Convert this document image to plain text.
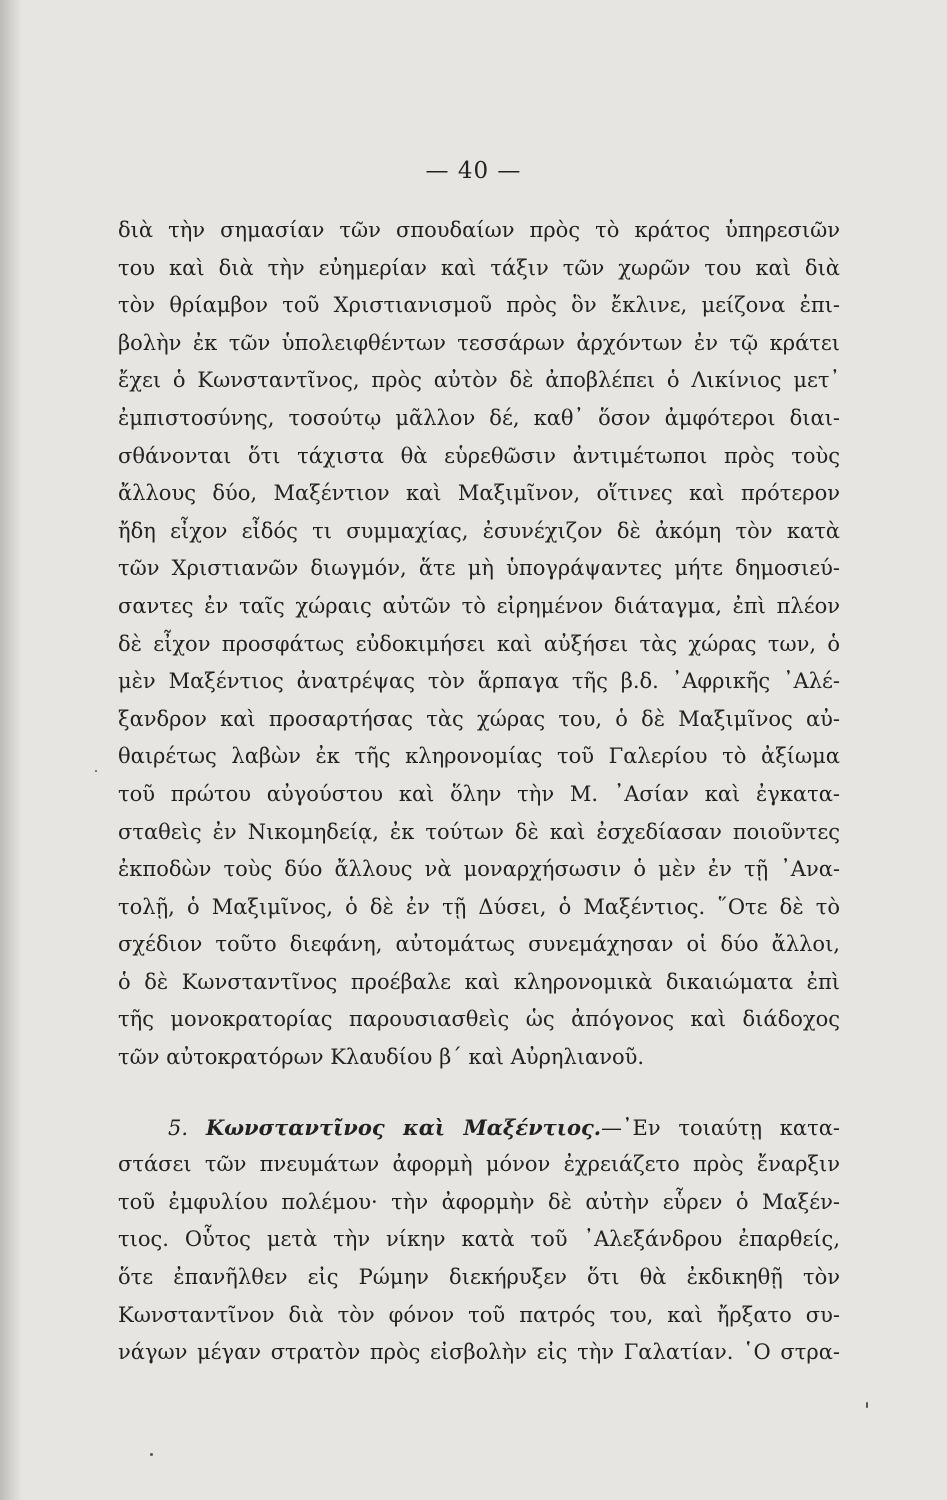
— 40 —
διὰ τὴν σημασίαν τῶν σπουδαίων πρὸς τὸ κράτος ὑπηρεσιῶν
του καὶ διὰ τὴν εὐημερίαν καὶ τάξιν τῶν χωρῶν του καὶ διὰ
τὸν θρίαμβον τοῦ Χριστιανισμοῦ πρὸς ὃν ἔκλινε, μείζονα ἐπι-
βολὴν ἐκ τῶν ὑπολειφθέντων τεσσάρων ἀρχόντων ἐν τῷ κράτει
ἔχει ὁ Κωνσταντῖνος, πρὸς αὐτὸν δὲ ἀποβλέπει ὁ Λικίνιος μετ᾿
ἐμπιστοσύνης, τοσούτῳ μᾶλλον δέ, καθ᾿ ὅσον ἀμφότεροι διαι-
σθάνονται ὅτι τάχιστα θὰ εὑρεθῶσιν ἀντιμέτωποι πρὸς τοὺς
ἄλλους δύο, Μαξέντιον καὶ Μαξιμῖνον, οἵτινες καὶ πρότερον
ἤδη εἶχον εἶδός τι συμμαχίας, ἐσυνέχιζον δὲ ἀκόμη τὸν κατὰ
τῶν Χριστιανῶν διωγμόν, ἅτε μὴ ὑπογράψαντες μήτε δημοσιεύ-
σαντες ἐν ταῖς χώραις αὐτῶν τὸ εἰρημένον διάταγμα, ἐπὶ πλέον
δὲ εἶχον προσφάτως εὐδοκιμήσει καὶ αὐξήσει τὰς χώρας των, ὁ
μὲν Μαξέντιος ἀνατρέψας τὸν ἅρπαγα τῆς β.δ. ᾿Αφρικῆς ᾿Αλέ-
ξανδρον καὶ προσαρτήσας τὰς χώρας του, ὁ δὲ Μαξιμῖνος αὐ-
θαιρέτως λαβὼν ἐκ τῆς κληρονομίας τοῦ Γαλερίου τὸ ἀξίωμα
τοῦ πρώτου αὐγούστου καὶ ὅλην τὴν Μ. ᾿Ασίαν καὶ ἐγκατα-
σταθεὶς ἐν Νικομηδείᾳ, ἐκ τούτων δὲ καὶ ἐσχεδίασαν ποιοῦντες
ἐκποδὼν τοὺς δύο ἄλλους νὰ μοναρχήσωσιν ὁ μὲν ἐν τῇ ᾿Ανα-
τολῇ, ὁ Μαξιμῖνος, ὁ δὲ ἐν τῇ Δύσει, ὁ Μαξέντιος. ῞Οτε δὲ τὸ
σχέδιον τοῦτο διεφάνη, αὐτομάτως συνεμάχησαν οἱ δύο ἄλλοι,
ὁ δὲ Κωνσταντῖνος προέβαλε καὶ κληρονομικὰ δικαιώματα ἐπὶ
τῆς μονοκρατορίας παρουσιασθεὶς ὡς ἀπόγονος καὶ διάδοχος
τῶν αὐτοκρατόρων Κλαυδίου β´ καὶ Αὐρηλιανοῦ.
5. Κωνσταντῖνος καὶ Μαξέντιος.—᾿Εν τοιαύτῃ κατα-
στάσει τῶν πνευμάτων ἀφορμὴ μόνον ἐχρειάζετο πρὸς ἔναρξιν
τοῦ ἐμφυλίου πολέμου· τὴν ἀφορμὴν δὲ αὐτὴν εὗρεν ὁ Μαξέν-
τιος. Οὗτος μετὰ τὴν νίκην κατὰ τοῦ ᾿Αλεξάνδρου ἐπαρθείς,
ὅτε ἐπανῆλθεν εἰς Ρώμην διεκήρυξεν ὅτι θὰ ἐκδικηθῇ τὸν
Κωνσταντῖνον διὰ τὸν φόνον τοῦ πατρός του, καὶ ἤρξατο συ-
νάγων μέγαν στρατὸν πρὸς εἰσβολὴν εἰς τὴν Γαλατίαν. ῾Ο στρα-
